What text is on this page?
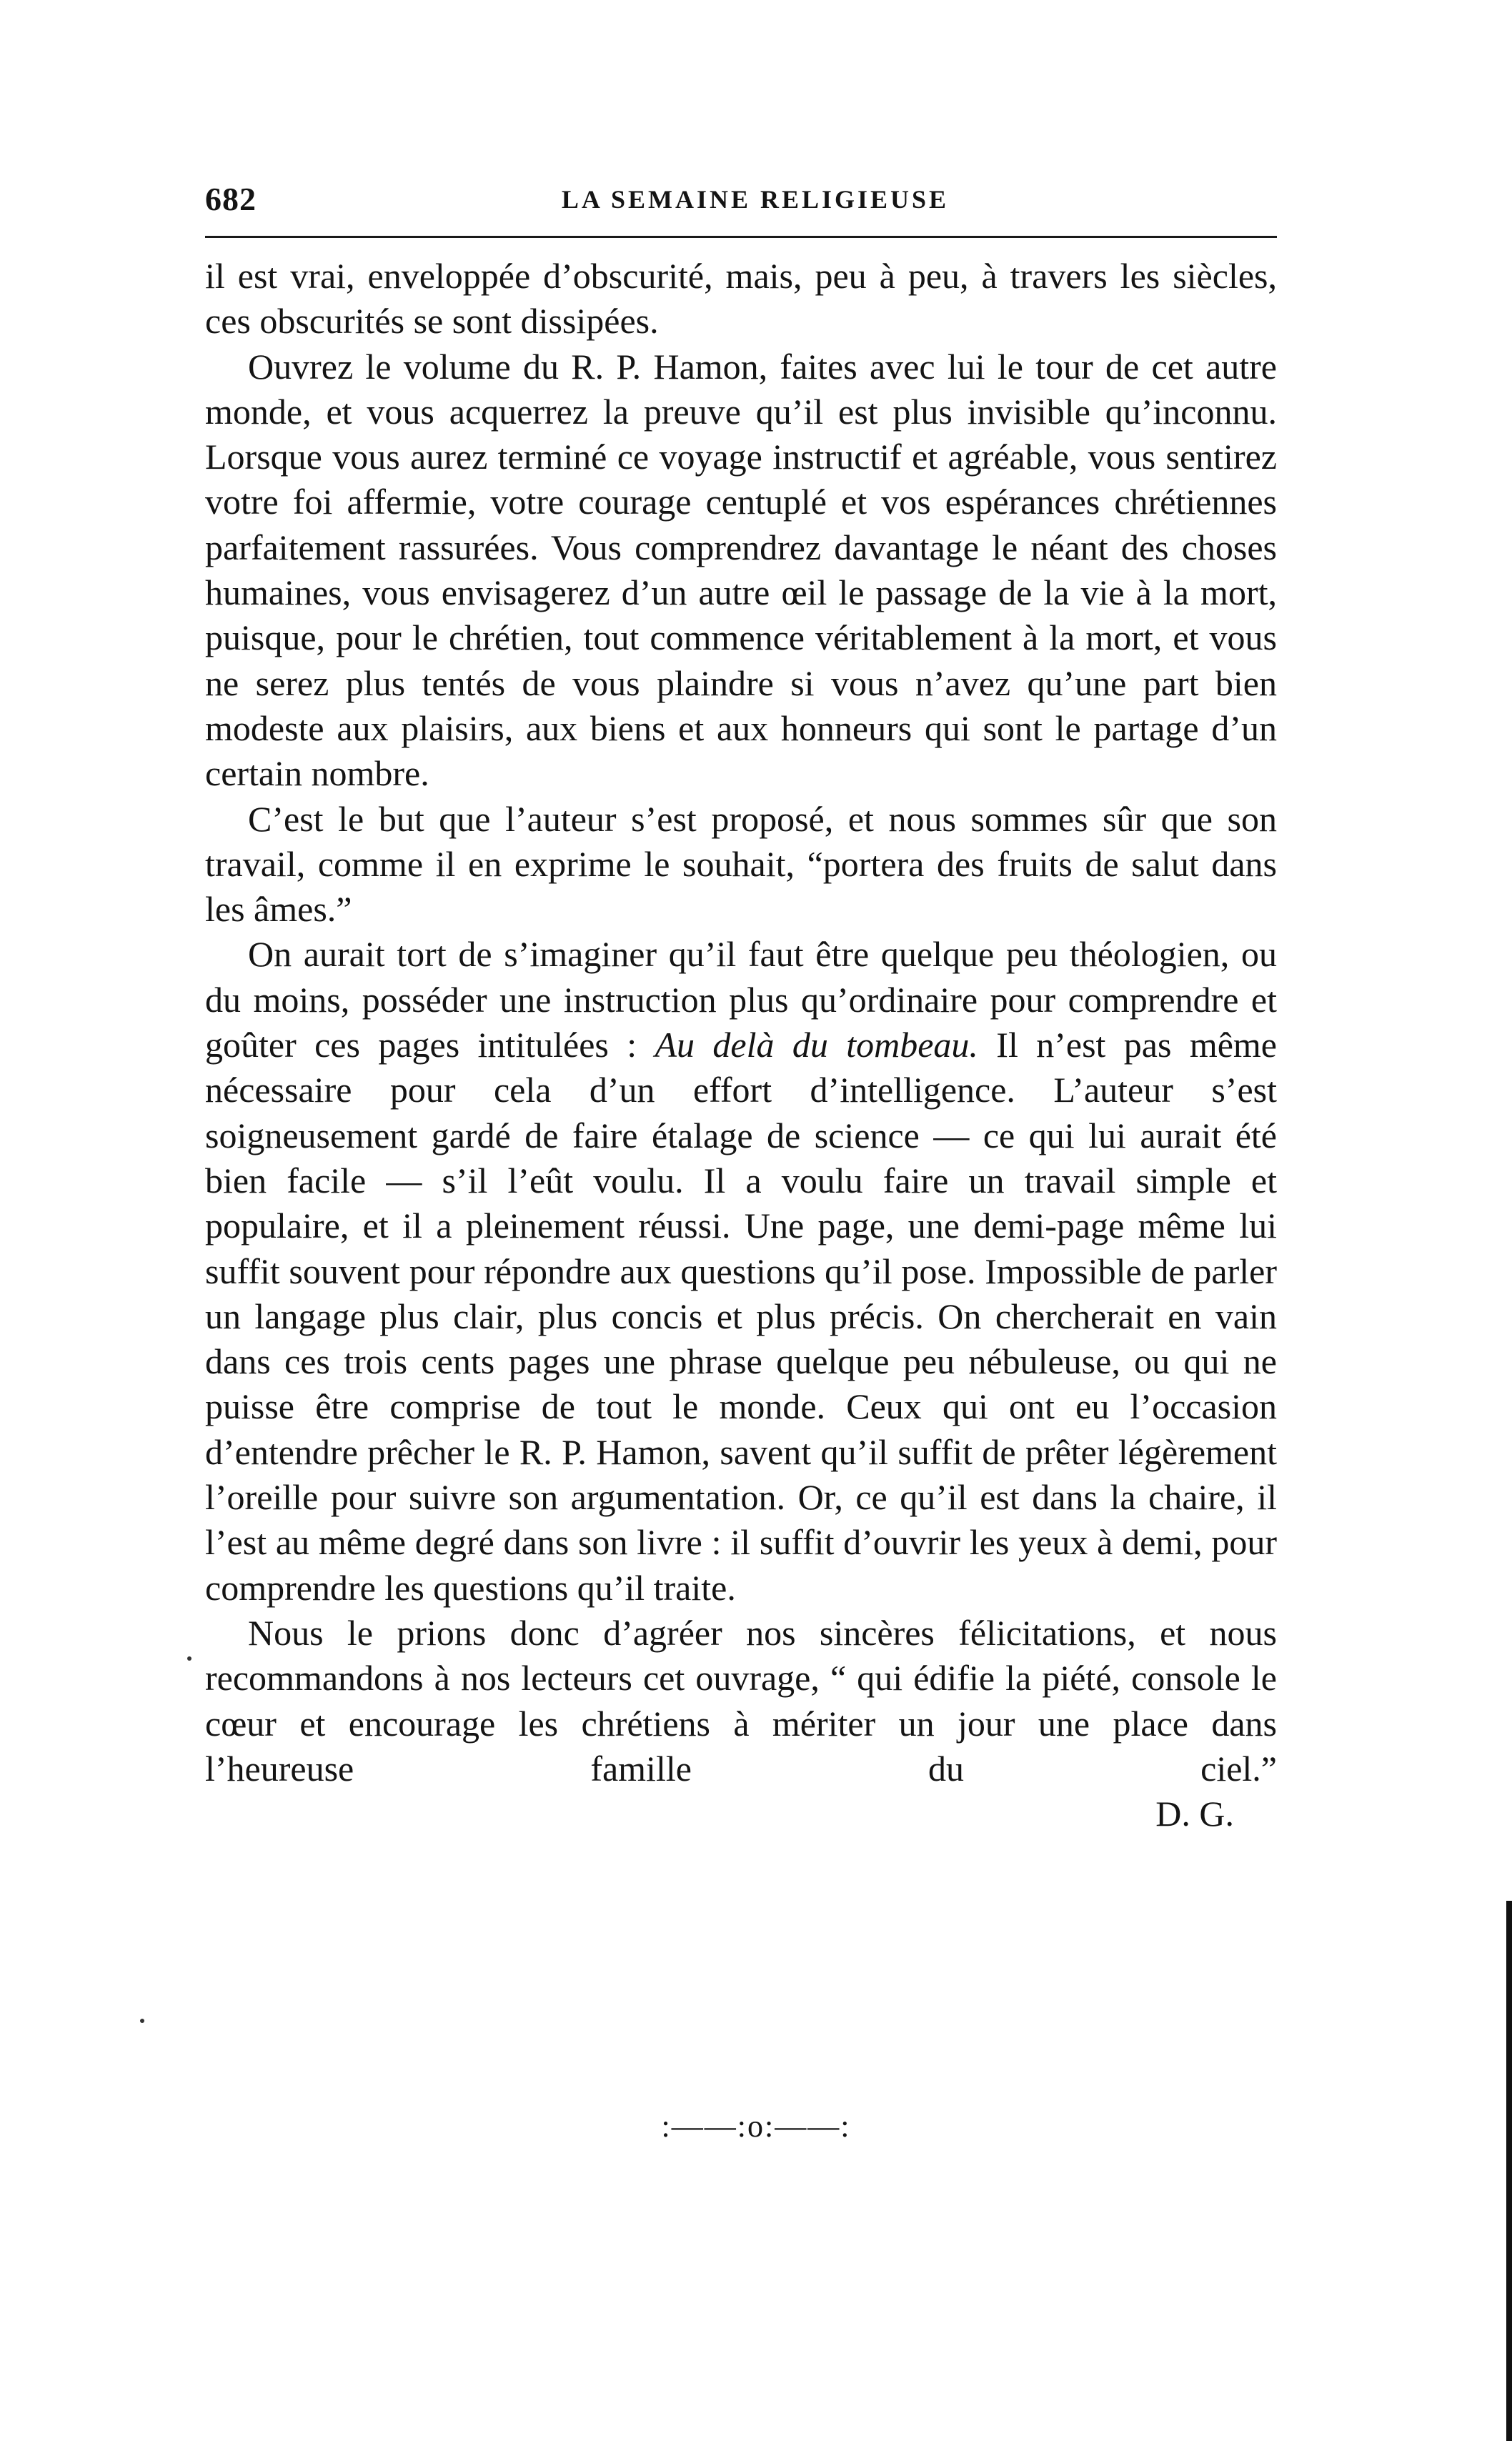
682	LA SEMAINE RELIGIEUSE

il est vrai, enveloppée d’obscurité, mais, peu à peu, à travers les siècles, ces obscurités se sont dissipées.

Ouvrez le volume du R. P. Hamon, faites avec lui le tour de cet autre monde, et vous acquerrez la preuve qu’il est plus invisible qu’inconnu. Lorsque vous aurez terminé ce voyage instructif et agréable, vous sentirez votre foi affermie, votre courage centuplé et vos espérances chrétiennes parfaitement rassurées. Vous comprendrez davantage le néant des choses humaines, vous envisagerez d’un autre œil le passage de la vie à la mort, puisque, pour le chrétien, tout commence véritablement à la mort, et vous ne serez plus tentés de vous plaindre si vous n’avez qu’une part bien modeste aux plaisirs, aux biens et aux honneurs qui sont le partage d’un certain nombre.

C’est le but que l’auteur s’est proposé, et nous sommes sûr que son travail, comme il en exprime le souhait, “portera des fruits de salut dans les âmes.”

On aurait tort de s’imaginer qu’il faut être quelque peu théologien, ou du moins, posséder une instruction plus qu’ordinaire pour comprendre et goûter ces pages intitulées : Au delà du tombeau. Il n’est pas même nécessaire pour cela d’un effort d’intelligence. L’auteur s’est soigneusement gardé de faire étalage de science — ce qui lui aurait été bien facile — s’il l’eût voulu. Il a voulu faire un travail simple et populaire, et il a pleinement réussi. Une page, une demi-page même lui suffit souvent pour répondre aux questions qu’il pose. Impossible de parler un langage plus clair, plus concis et plus précis. On chercherait en vain dans ces trois cents pages une phrase quelque peu nébuleuse, ou qui ne puisse être comprise de tout le monde. Ceux qui ont eu l’occasion d’entendre prêcher le R. P. Hamon, savent qu’il suffit de prêter légèrement l’oreille pour suivre son argumentation. Or, ce qu’il est dans la chaire, il l’est au même degré dans son livre : il suffit d’ouvrir les yeux à demi, pour comprendre les questions qu’il traite.

Nous le prions donc d’agréer nos sincères félicitations, et nous recommandons à nos lecteurs cet ouvrage, “ qui édifie la piété, console le cœur et encourage les chrétiens à mériter un jour une place dans l’heureuse famille du ciel.”D. G.

:——:o:——:
